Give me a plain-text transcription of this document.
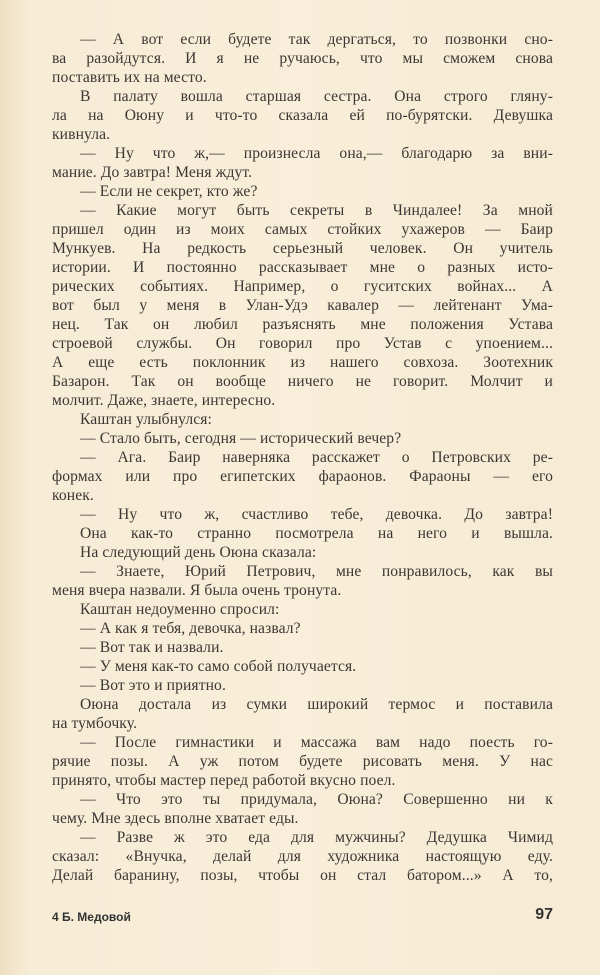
— А вот если будете так дергаться, то позвонки сно-
ва разойдутся. И я не ручаюсь, что мы сможем снова
поставить их на место.
В палату вошла старшая сестра. Она строго гляну-
ла на Оюну и что-то сказала ей по-бурятски. Девушка
кивнула.
— Ну что ж,— произнесла она,— благодарю за вни-
мание. До завтра! Меня ждут.
— Если не секрет, кто же?
— Какие могут быть секреты в Чиндалее! За мной
пришел один из моих самых стойких ухажеров — Баир
Мункуев. На редкость серьезный человек. Он учитель
истории. И постоянно рассказывает мне о разных исто-
рических событиях. Например, о гуситских войнах... А
вот был у меня в Улан-Удэ кавалер — лейтенант Ума-
нец. Так он любил разъяснять мне положения Устава
строевой службы. Он говорил про Устав с упоением...
А еще есть поклонник из нашего совхоза. Зоотехник
Базарон. Так он вообще ничего не говорит. Молчит и
молчит. Даже, знаете, интересно.
Каштан улыбнулся:
— Стало быть, сегодня — исторический вечер?
— Ага. Баир наверняка расскажет о Петровских ре-
формах или про египетских фараонов. Фараоны — его
конек.
— Ну что ж, счастливо тебе, девочка. До завтра!
Она как-то странно посмотрела на него и вышла.
На следующий день Оюна сказала:
— Знаете, Юрий Петрович, мне понравилось, как вы
меня вчера назвали. Я была очень тронута.
Каштан недоуменно спросил:
— А как я тебя, девочка, назвал?
— Вот так и назвали.
— У меня как-то само собой получается.
— Вот это и приятно.
Оюна достала из сумки широкий термос и поставила
на тумбочку.
— После гимнастики и массажа вам надо поесть го-
рячие позы. А уж потом будете рисовать меня. У нас
принято, чтобы мастер перед работой вкусно поел.
— Что это ты придумала, Оюна? Совершенно ни к
чему. Мне здесь вполне хватает еды.
— Разве ж это еда для мужчины? Дедушка Чимид
сказал: «Внучка, делай для художника настоящую еду.
Делай баранину, позы, чтобы он стал батором...» А то,
4 Б. Медовой	97
